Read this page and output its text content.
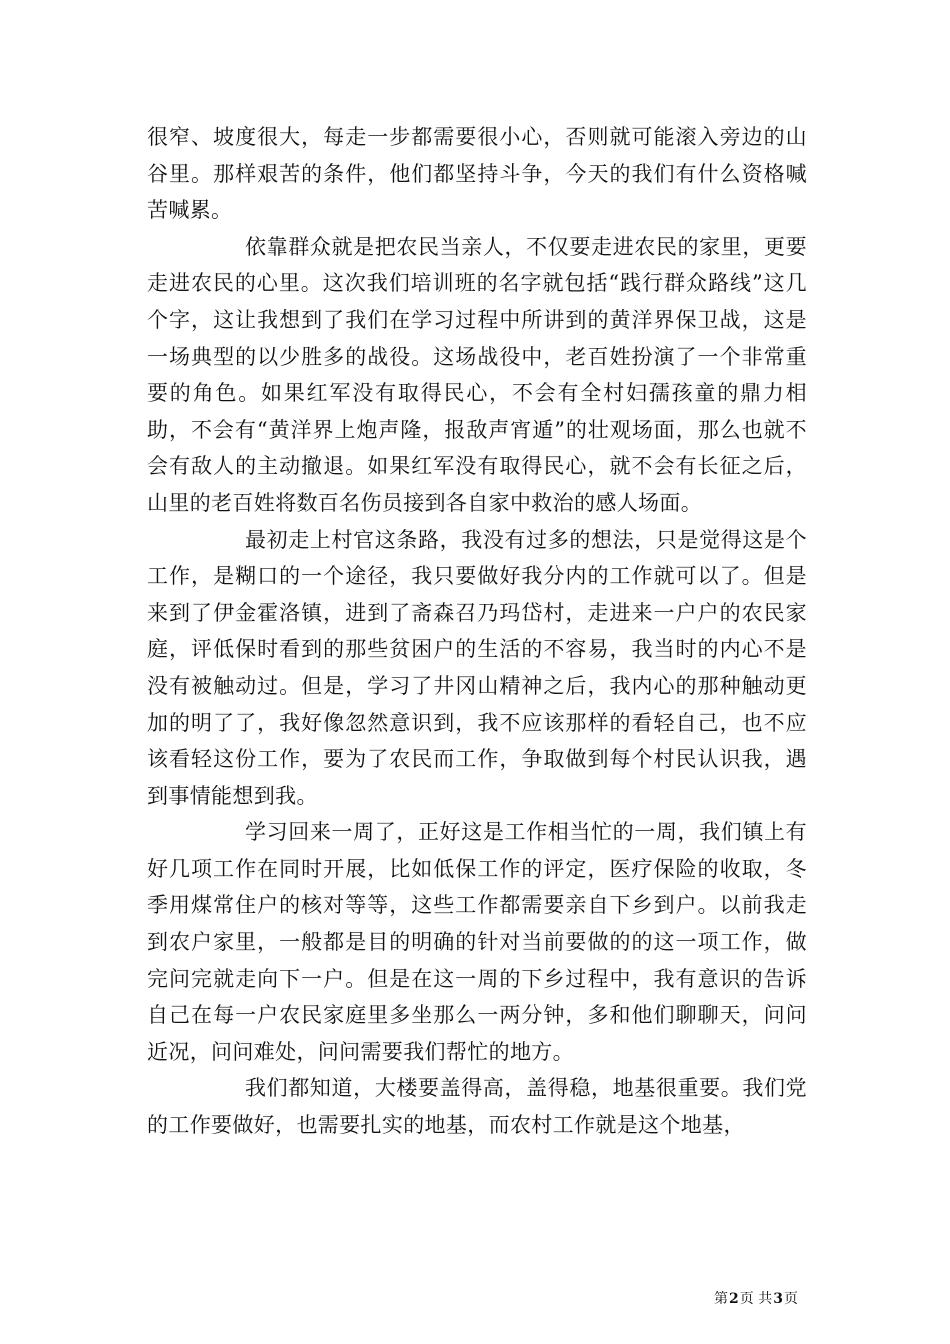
很窄、坡度很大，每走一步都需要很小心，否则就可能滚入旁边的山谷里。那样艰苦的条件，他们都坚持斗争，今天的我们有什么资格喊苦喊累。

依靠群众就是把农民当亲人，不仅要走进农民的家里，更要走进农民的心里。这次我们培训班的名字就包括“践行群众路线”这几个字，这让我想到了我们在学习过程中所讲到的黄洋界保卫战，这是一场典型的以少胜多的战役。这场战役中，老百姓扮演了一个非常重要的角色。如果红军没有取得民心，不会有全村妇孺孩童的鼎力相助，不会有“黄洋界上炮声隆，报敌声宵遁”的壮观场面，那么也就不会有敌人的主动撤退。如果红军没有取得民心，就不会有长征之后，山里的老百姓将数百名伤员接到各自家中救治的感人场面。

最初走上村官这条路，我没有过多的想法，只是觉得这是个工作，是糊口的一个途径，我只要做好我分内的工作就可以了。但是来到了伊金霍洛镇，进到了斋森召乃玛岱村，走进来一户户的农民家庭，评低保时看到的那些贫困户的生活的不容易，我当时的内心不是没有被触动过。但是，学习了井冈山精神之后，我内心的那种触动更加的明了了，我好像忽然意识到，我不应该那样的看轻自己，也不应该看轻这份工作，要为了农民而工作，争取做到每个村民认识我，遇到事情能想到我。

学习回来一周了，正好这是工作相当忙的一周，我们镇上有好几项工作在同时开展，比如低保工作的评定，医疗保险的收取，冬季用煤常住户的核对等等，这些工作都需要亲自下乡到户。以前我走到农户家里，一般都是目的明确的针对当前要做的的这一项工作，做完问完就走向下一户。但是在这一周的下乡过程中，我有意识的告诉自己在每一户农民家庭里多坐那么一两分钟，多和他们聊聊天，问问近况，问问难处，问问需要我们帮忙的地方。

我们都知道，大楼要盖得高，盖得稳，地基很重要。我们党的工作要做好，也需要扎实的地基，而农村工作就是这个地基，

第2页 共3页
